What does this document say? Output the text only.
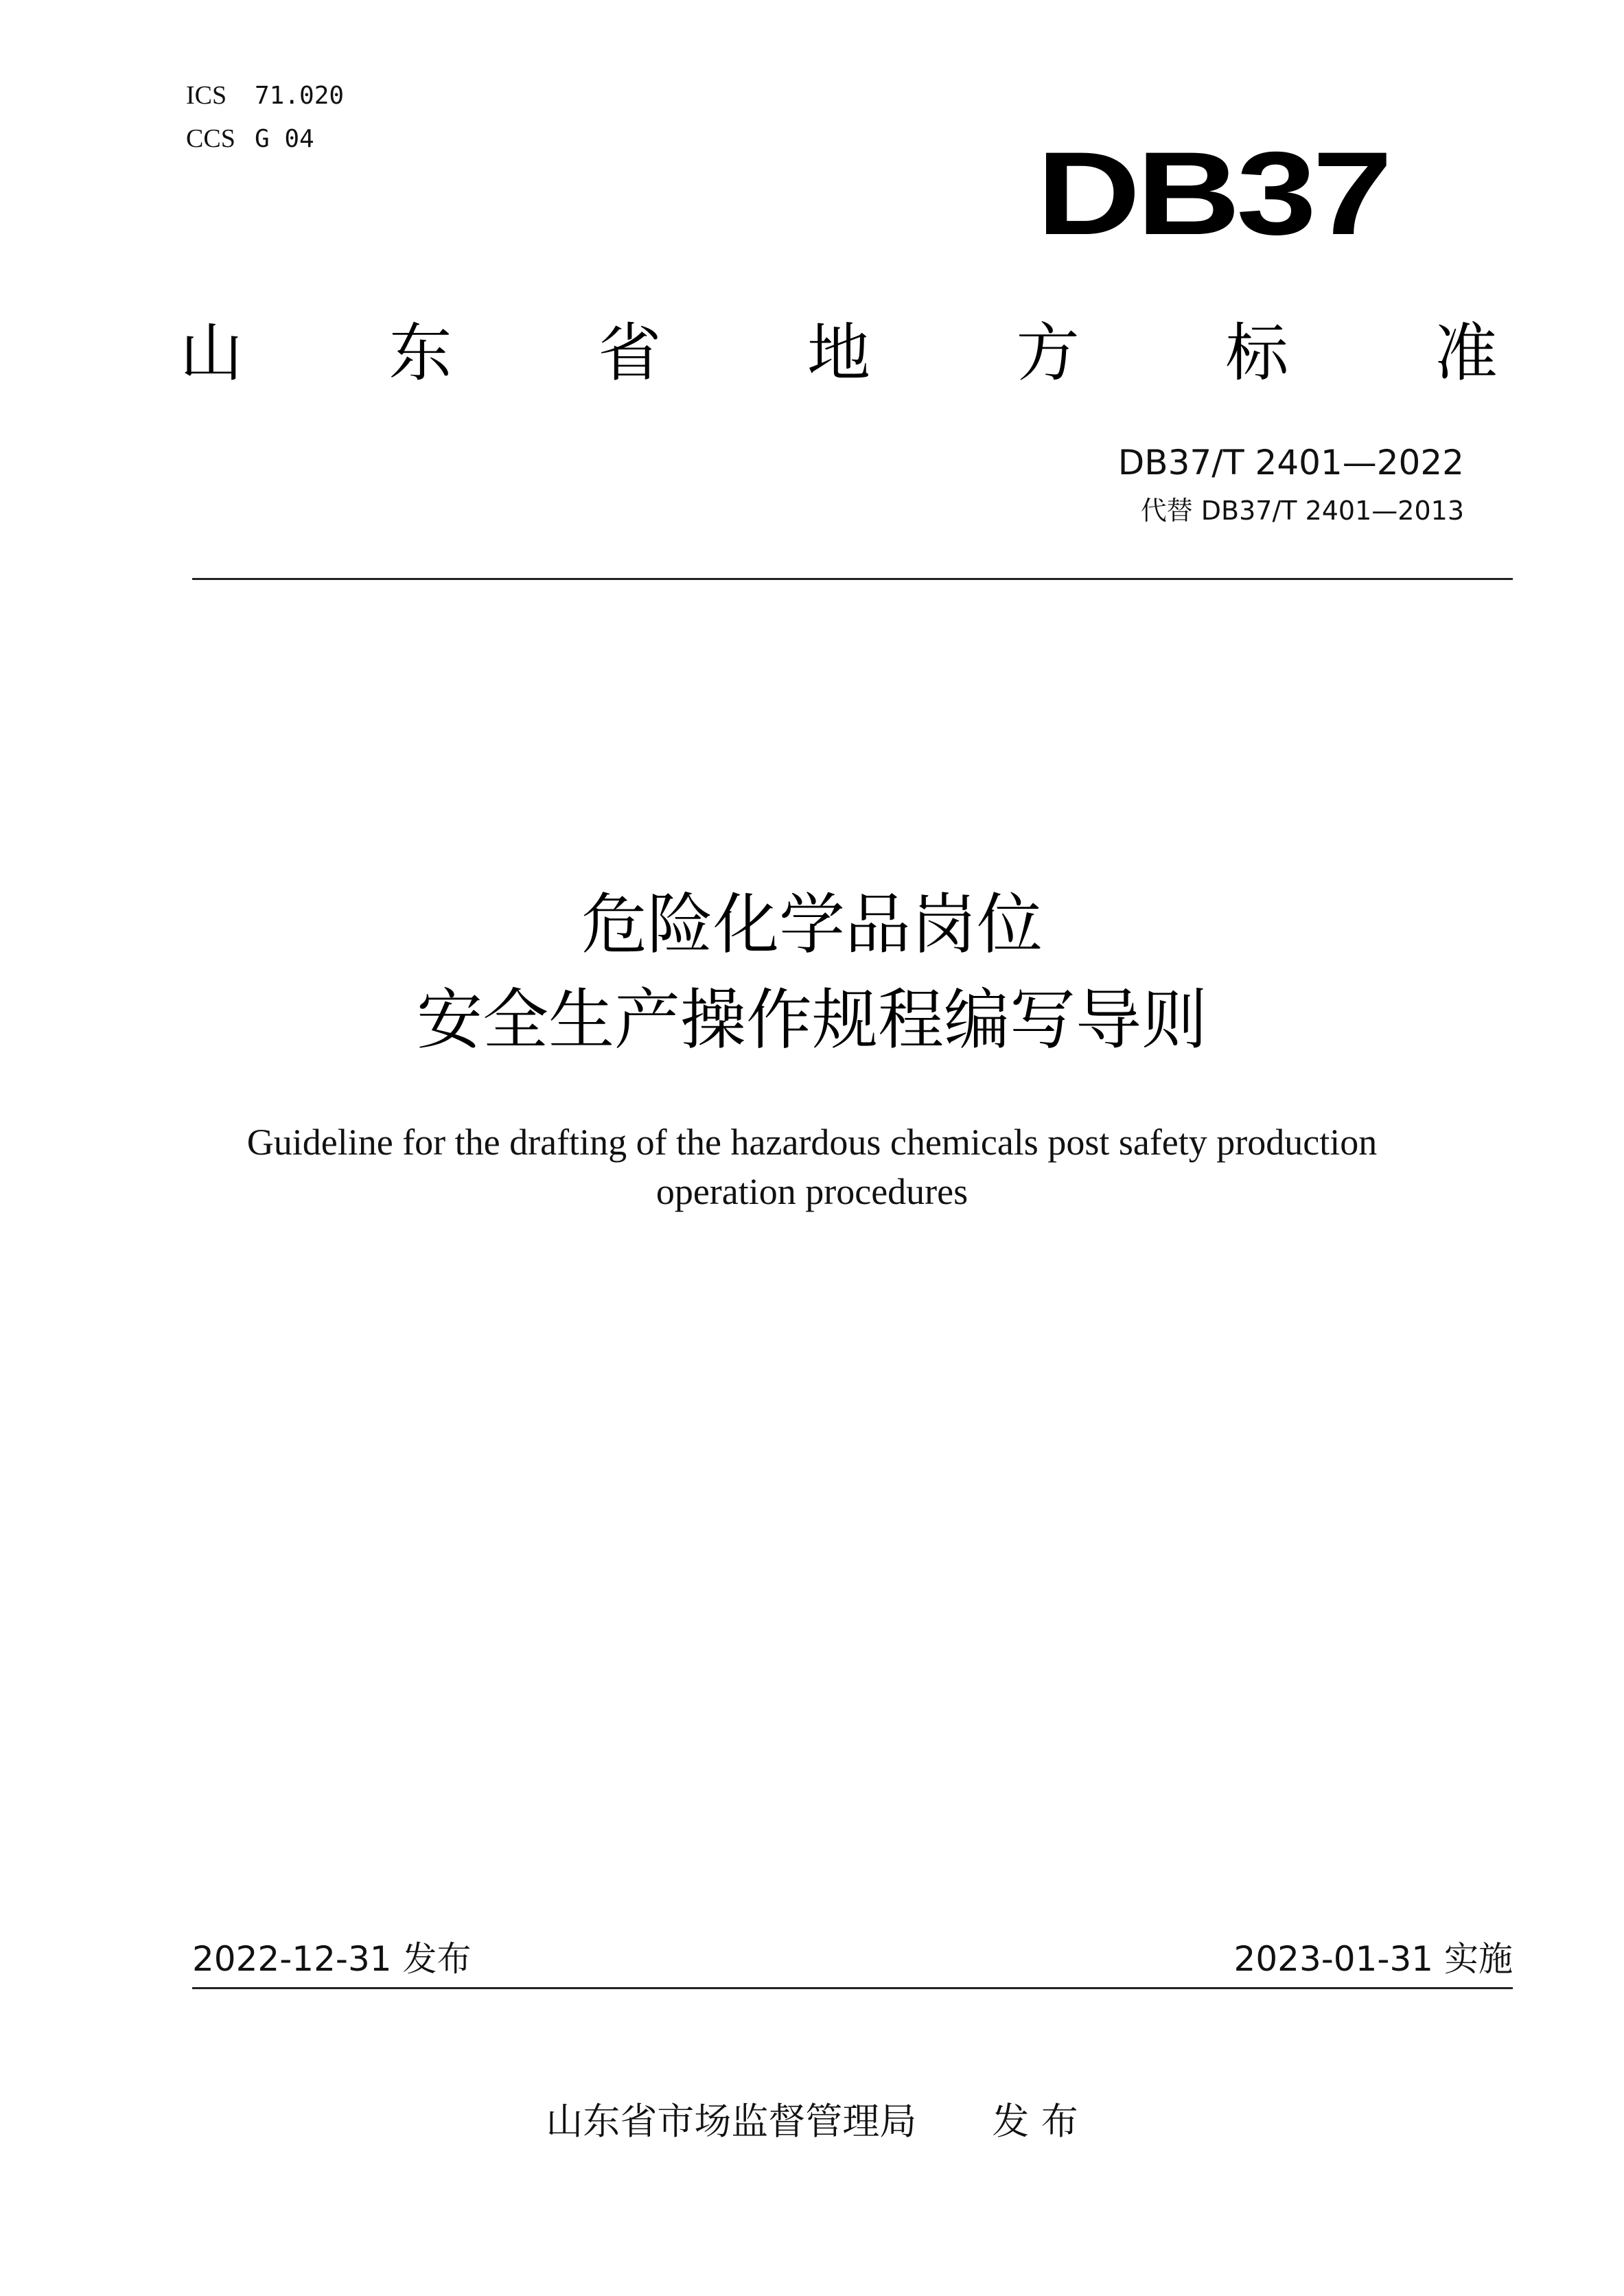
ICS	71.020
CCS G 04	DB37
山 东 省 地 方 标 准
DB37/T 2401—2022
代替 DB37/T 2401—2013
危险化学品岗位
安全生产操作规程编写导则
Guideline for the drafting of the hazardous chemicals post safety production
operation procedures
2022-12-31 发布	2023-01-31 实施
山东省市场监督管理局 发 布
